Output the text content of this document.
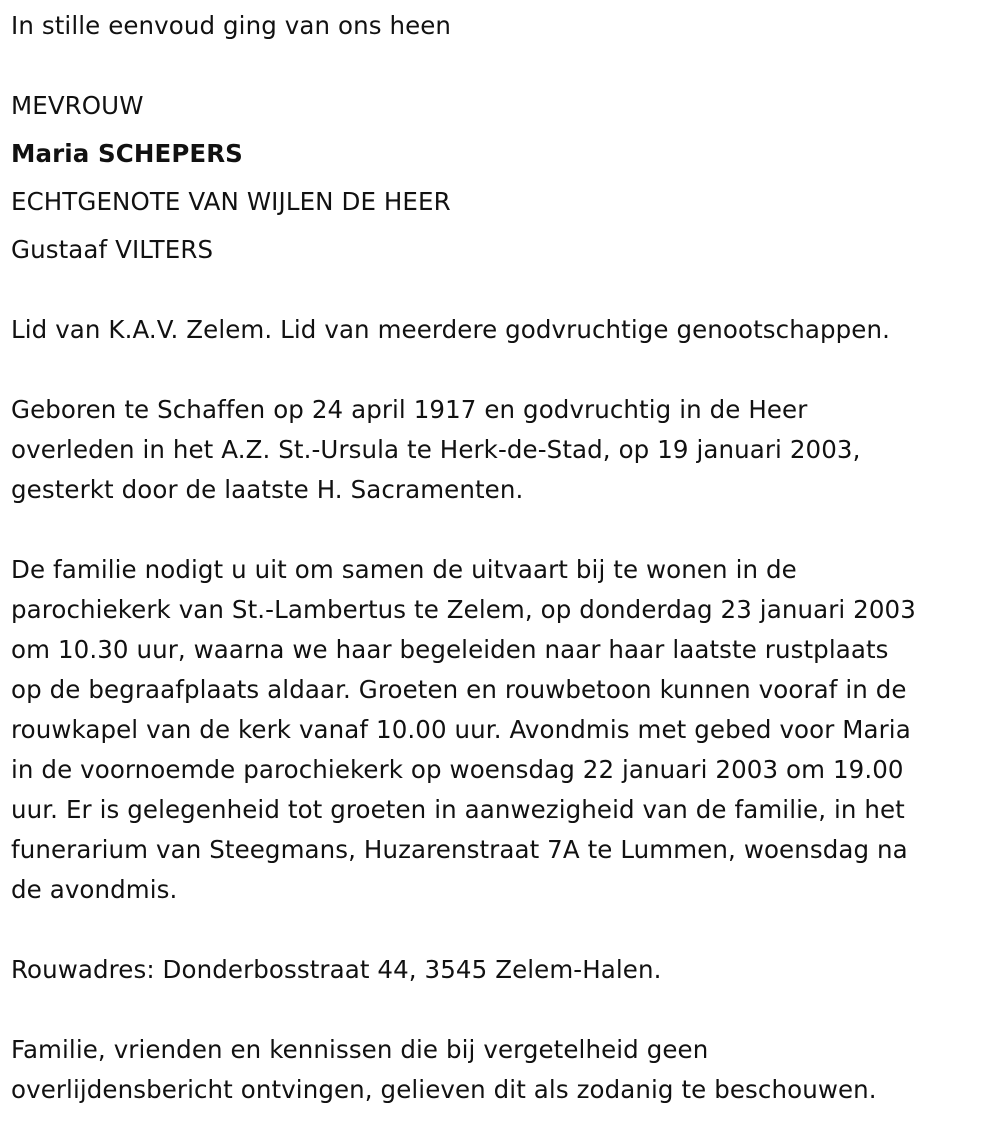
In stille eenvoud ging van ons heen
MEVROUW
Maria SCHEPERS
ECHTGENOTE VAN WIJLEN DE HEER
Gustaaf VILTERS
Lid van K.A.V. Zelem. Lid van meerdere godvruchtige genootschappen.
Geboren te Schaffen op 24 april 1917 en godvruchtig in de Heer
overleden in het A.Z. St.-Ursula te Herk-de-Stad, op 19 januari 2003,
gesterkt door de laatste H. Sacramenten.
De familie nodigt u uit om samen de uitvaart bij te wonen in de
parochiekerk van St.-Lambertus te Zelem, op donderdag 23 januari 2003
om 10.30 uur, waarna we haar begeleiden naar haar laatste rustplaats
op de begraafplaats aldaar. Groeten en rouwbetoon kunnen vooraf in de
rouwkapel van de kerk vanaf 10.00 uur. Avondmis met gebed voor Maria
in de voornoemde parochiekerk op woensdag 22 januari 2003 om 19.00
uur. Er is gelegenheid tot groeten in aanwezigheid van de familie, in het
funerarium van Steegmans, Huzarenstraat 7A te Lummen, woensdag na
de avondmis.
Rouwadres: Donderbosstraat 44, 3545 Zelem-Halen.
Familie, vrienden en kennissen die bij vergetelheid geen
overlijdensbericht ontvingen, gelieven dit als zodanig te beschouwen.
